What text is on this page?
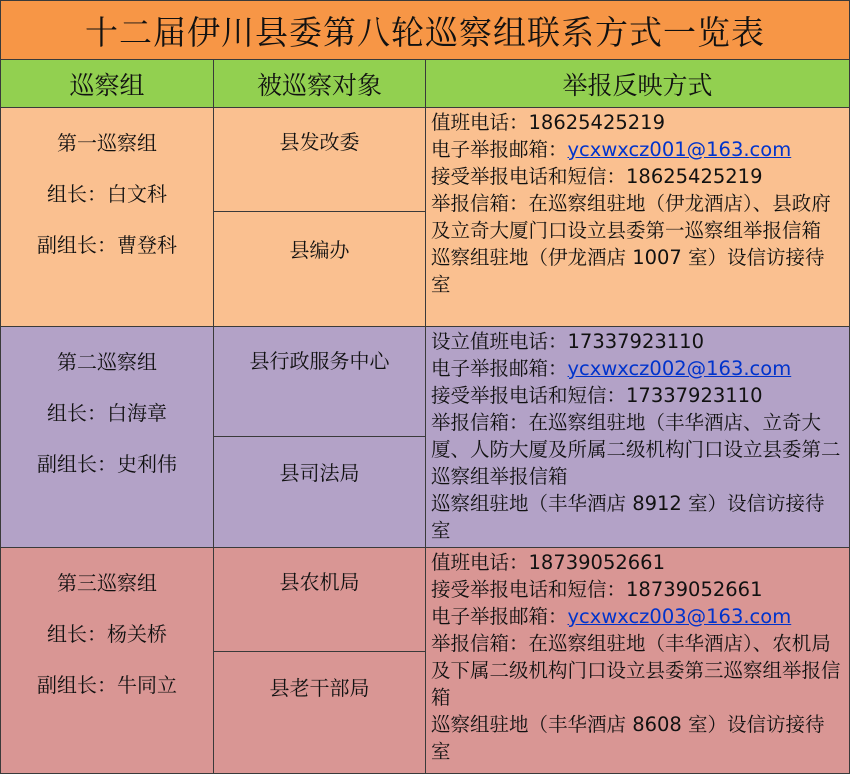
十二届伊川县委第八轮巡察组联系方式一览表
巡察组	被巡察对象	举报反映方式
第一巡察组
组长：白文科
副组长：曹登科
县发改委
县编办
值班电话：18625425219
电子举报邮箱：ycxwxcz001@163.com
接受举报电话和短信：18625425219
举报信箱：在巡察组驻地（伊龙酒店）、县政府及立奇大厦门口设立县委第一巡察组举报信箱
巡察组驻地（伊龙酒店 1007 室）设信访接待室
第二巡察组
组长：白海章
副组长：史利伟
县行政服务中心
县司法局
设立值班电话：17337923110
电子举报邮箱：ycxwxcz002@163.com
接受举报电话和短信：17337923110
举报信箱：在巡察组驻地（丰华酒店、立奇大厦、人防大厦及所属二级机构门口设立县委第二巡察组举报信箱
巡察组驻地（丰华酒店 8912 室）设信访接待室
第三巡察组
组长：杨关桥
副组长：牛同立
县农机局
县老干部局
值班电话：18739052661
接受举报电话和短信：18739052661
电子举报邮箱：ycxwxcz003@163.com
举报信箱：在巡察组驻地（丰华酒店）、农机局及下属二级机构门口设立县委第三巡察组举报信箱
巡察组驻地（丰华酒店 8608 室）设信访接待室
